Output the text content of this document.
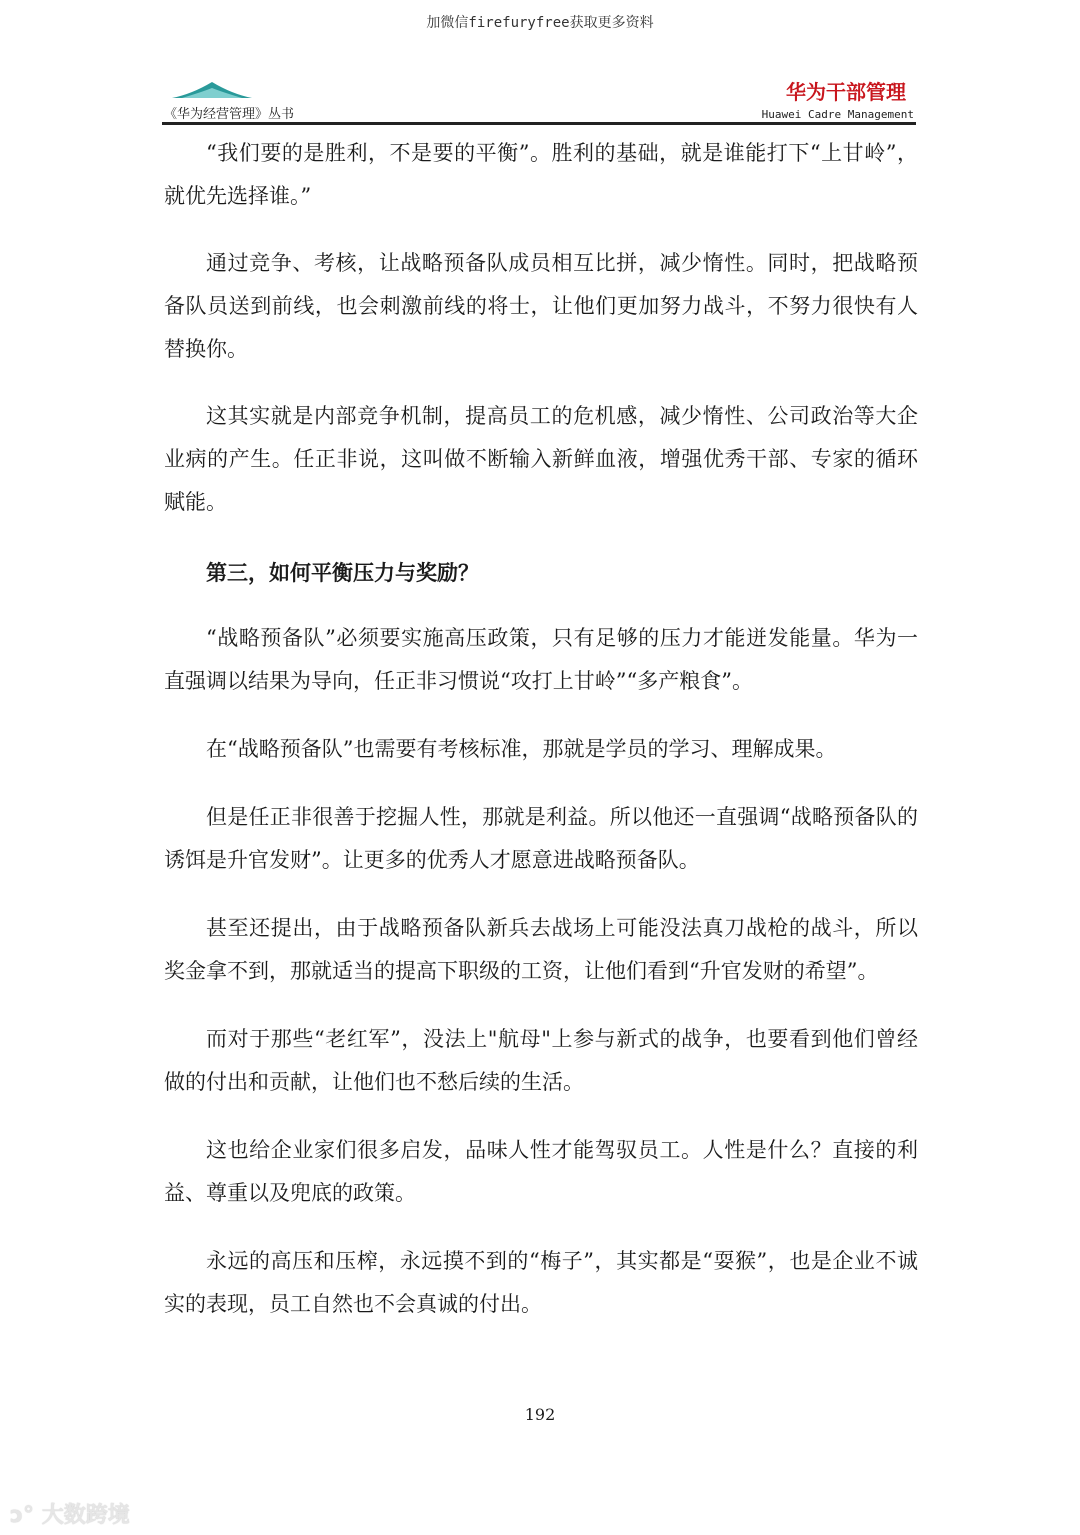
加微信firefuryfree获取更多资料
《华为经营管理》丛书
华为干部管理
Huawei Cadre Management
“我们要的是胜利，不是要的平衡”。胜利的基础，就是谁能打下“上甘岭”，就优先选择谁。”
通过竞争、考核，让战略预备队成员相互比拼，减少惰性。同时，把战略预备队员送到前线，也会刺激前线的将士，让他们更加努力战斗，不努力很快有人替换你。
这其实就是内部竞争机制，提高员工的危机感，减少惰性、公司政治等大企业病的产生。任正非说，这叫做不断输入新鲜血液，增强优秀干部、专家的循环赋能。
第三，如何平衡压力与奖励？
“战略预备队”必须要实施高压政策，只有足够的压力才能迸发能量。华为一直强调以结果为导向，任正非习惯说“攻打上甘岭”“多产粮食”。
在“战略预备队”也需要有考核标准，那就是学员的学习、理解成果。
但是任正非很善于挖掘人性，那就是利益。所以他还一直强调“战略预备队的诱饵是升官发财”。让更多的优秀人才愿意进战略预备队。
甚至还提出，由于战略预备队新兵去战场上可能没法真刀战枪的战斗，所以奖金拿不到，那就适当的提高下职级的工资，让他们看到“升官发财的希望”。
而对于那些“老红军”，没法上"航母"上参与新式的战争，也要看到他们曾经做的付出和贡献，让他们也不愁后续的生活。
这也给企业家们很多启发，品味人性才能驾驭员工。人性是什么？直接的利益、尊重以及兜底的政策。
永远的高压和压榨，永远摸不到的“梅子”，其实都是“耍猴”，也是企业不诚实的表现，员工自然也不会真诚的付出。
192
ↄ° 大数跨境
